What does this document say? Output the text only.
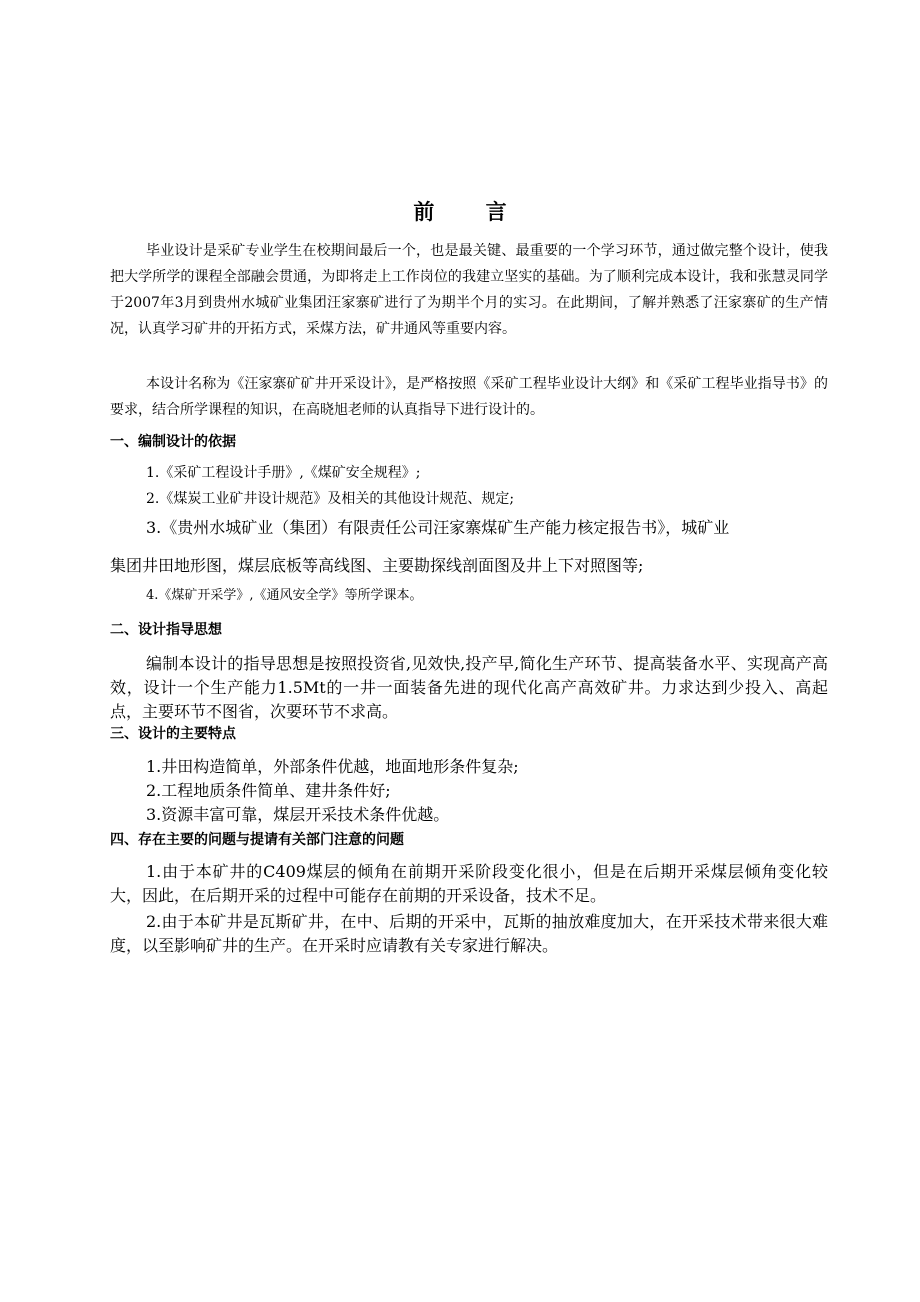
前 言

毕业设计是采矿专业学生在校期间最后一个，也是最关键、最重要的一个学习环节，通过做完整个设计，使我把大学所学的课程全部融会贯通，为即将走上工作岗位的我建立坚实的基础。为了顺利完成本设计，我和张慧灵同学于2007年3月到贵州水城矿业集团汪家寨矿进行了为期半个月的实习。在此期间，了解并熟悉了汪家寨矿的生产情况，认真学习矿井的开拓方式，采煤方法，矿井通风等重要内容。

本设计名称为《汪家寨矿矿井开采设计》，是严格按照《采矿工程毕业设计大纲》和《采矿工程毕业指导书》的要求，结合所学课程的知识，在高晓旭老师的认真指导下进行设计的。

一、编制设计的依据

1.《采矿工程设计手册》,《煤矿安全规程》;

2.《煤炭工业矿井设计规范》及相关的其他设计规范、规定;

3.《贵州水城矿业（集团）有限责任公司汪家寨煤矿生产能力核定报告书》，城矿业

集团井田地形图，煤层底板等高线图、主要勘探线剖面图及井上下对照图等;

4.《煤矿开采学》,《通风安全学》等所学课本。

二、设计指导思想

编制本设计的指导思想是按照投资省,见效快,投产早,简化生产环节、提高装备水平、实现高产高效，设计一个生产能力1.5Mt的一井一面装备先进的现代化高产高效矿井。力求达到少投入、高起点，主要环节不图省，次要环节不求高。

三、设计的主要特点

1.井田构造简单，外部条件优越，地面地形条件复杂;

2.工程地质条件简单、建井条件好;

3.资源丰富可靠，煤层开采技术条件优越。

四、存在主要的问题与提请有关部门注意的问题

1.由于本矿井的C409煤层的倾角在前期开采阶段变化很小，但是在后期开采煤层倾角变化较大，因此，在后期开采的过程中可能存在前期的开采设备，技术不足。

2.由于本矿井是瓦斯矿井，在中、后期的开采中，瓦斯的抽放难度加大，在开采技术带来很大难度，以至影响矿井的生产。在开采时应请教有关专家进行解决。
